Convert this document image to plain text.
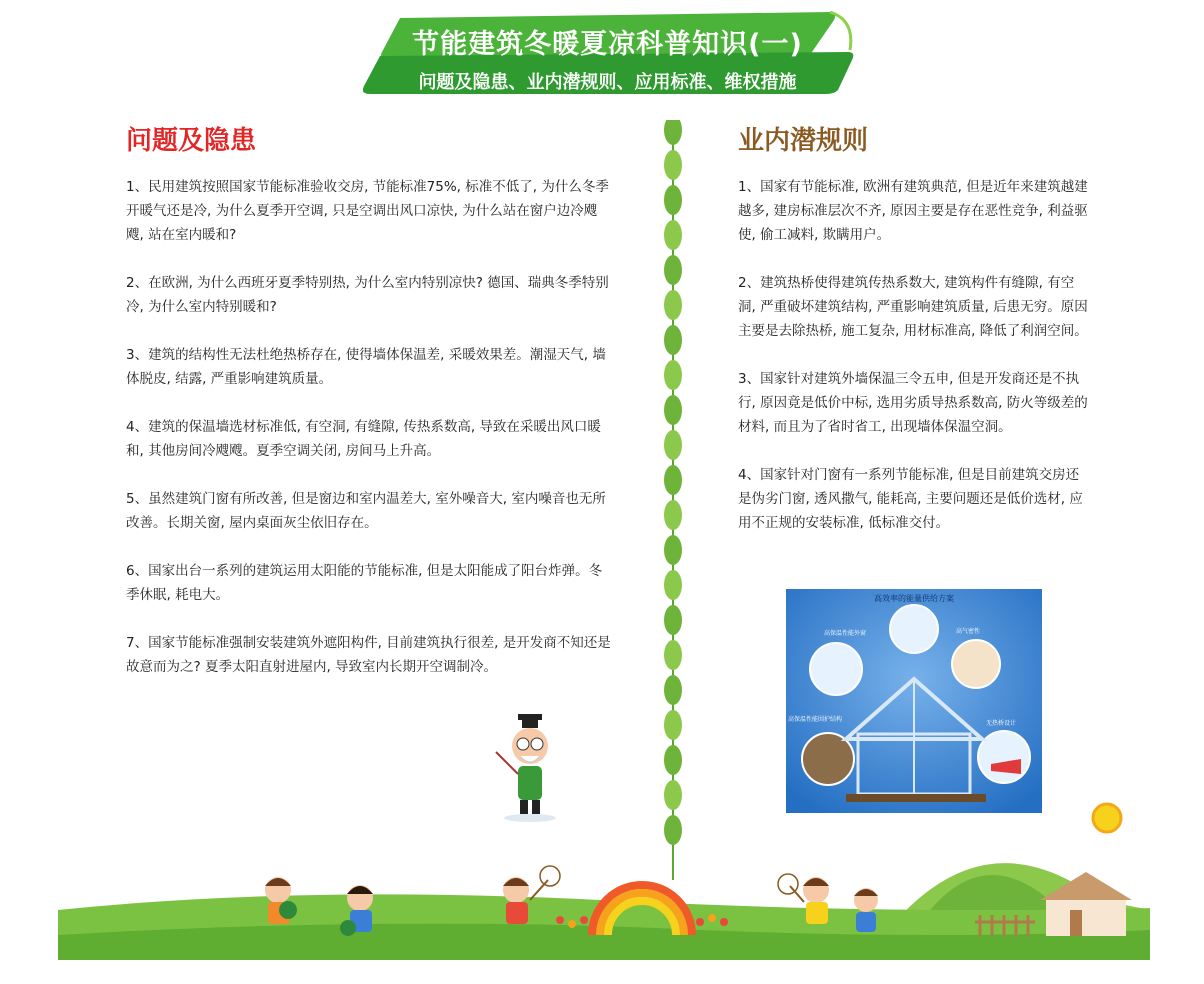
节能建筑冬暖夏凉科普知识(一)
问题及隐患、业内潜规则、应用标准、维权措施
问题及隐患

1、民用建筑按照国家节能标准验收交房, 节能标准75%, 标准不低了, 为什么冬季开暖气还是冷, 为什么夏季开空调, 只是空调出风口凉快, 为什么站在窗户边冷飕飕, 站在室内暖和?

2、在欧洲, 为什么西班牙夏季特别热, 为什么室内特别凉快? 德国、瑞典冬季特别冷, 为什么室内特别暖和?

3、建筑的结构性无法杜绝热桥存在, 使得墙体保温差, 采暖效果差。潮湿天气, 墙体脱皮, 结露, 严重影响建筑质量。

4、建筑的保温墙选材标准低, 有空洞, 有缝隙, 传热系数高, 导致在采暖出风口暖和, 其他房间冷飕飕。夏季空调关闭, 房间马上升高。

5、虽然建筑门窗有所改善, 但是窗边和室内温差大, 室外噪音大, 室内噪音也无所改善。长期关窗, 屋内桌面灰尘依旧存在。

6、国家出台一系列的建筑运用太阳能的节能标准, 但是太阳能成了阳台炸弹。冬季休眠, 耗电大。

7、国家节能标准强制安装建筑外遮阳构件, 目前建筑执行很差, 是开发商不知还是故意而为之? 夏季太阳直射进屋内, 导致室内长期开空调制冷。

业内潜规则

1、国家有节能标准, 欧洲有建筑典范, 但是近年来建筑越建越多, 建房标准层次不齐, 原因主要是存在恶性竞争, 利益驱使, 偷工减料, 欺瞒用户。

2、建筑热桥使得建筑传热系数大, 建筑构件有缝隙, 有空洞, 严重破坏建筑结构, 严重影响建筑质量, 后患无穷。原因主要是去除热桥, 施工复杂, 用材标准高, 降低了利润空间。

3、国家针对建筑外墙保温三令五申, 但是开发商还是不执行, 原因竟是低价中标, 选用劣质导热系数高, 防火等级差的材料, 而且为了省时省工, 出现墙体保温空洞。

4、国家针对门窗有一系列节能标准, 但是目前建筑交房还是伪劣门窗, 透风撒气, 能耗高, 主要问题还是低价选材, 应用不正规的安装标准, 低标准交付。

高效率的能量供给方案
高保温性能外窗	高气密性
高保温性能围护结构
无热桥设计
